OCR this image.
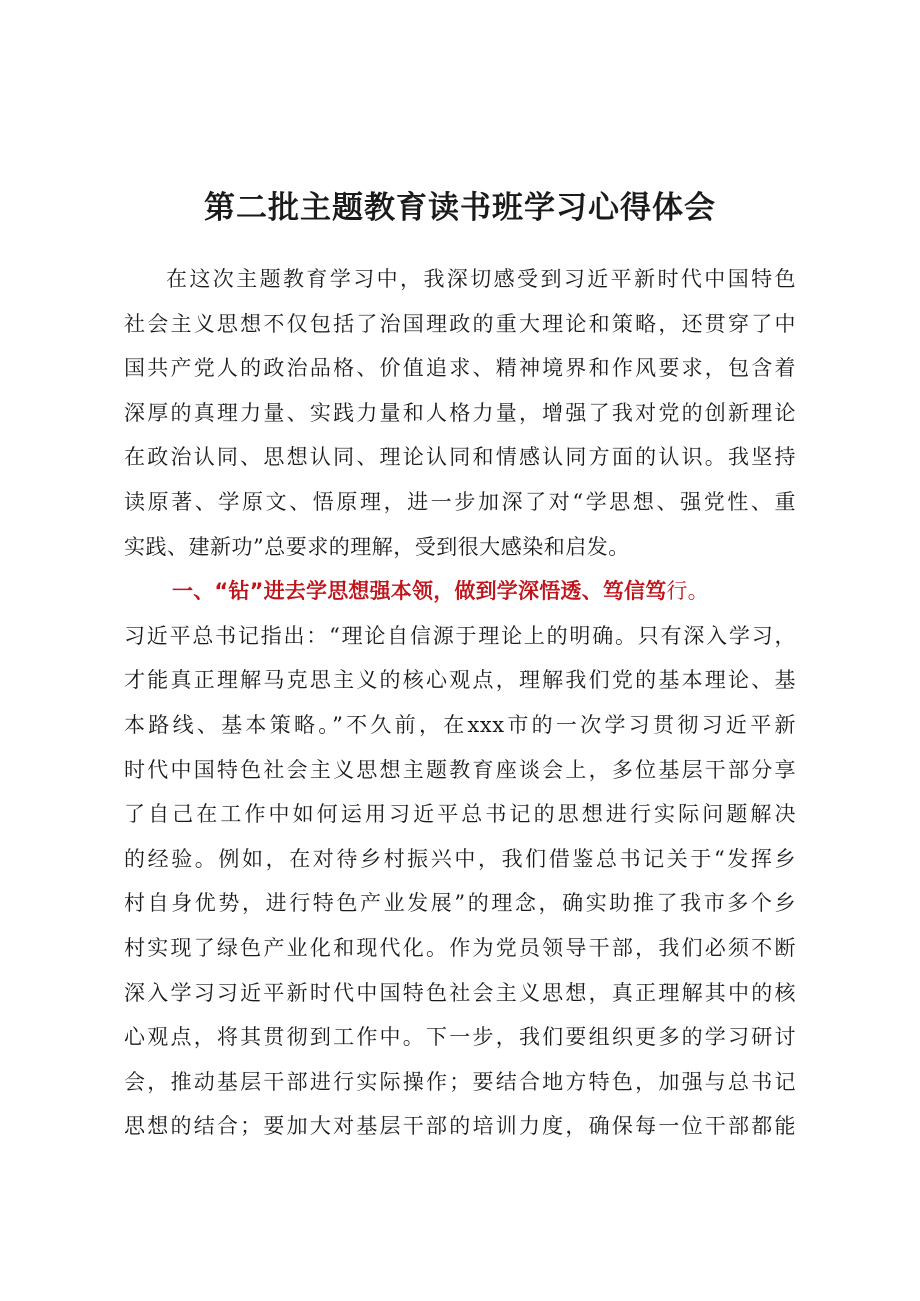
第二批主题教育读书班学习心得体会
在这次主题教育学习中，我深切感受到习近平新时代中国特色
社会主义思想不仅包括了治国理政的重大理论和策略，还贯穿了中
国共产党人的政治品格、价值追求、精神境界和作风要求，包含着
深厚的真理力量、实践力量和人格力量，增强了我对党的创新理论
在政治认同、思想认同、理论认同和情感认同方面的认识。我坚持
读原著、学原文、悟原理，进一步加深了对“学思想、强党性、重
实践、建新功”总要求的理解，受到很大感染和启发。
一、“钻”进去学思想强本领，做到学深悟透、笃信笃行。
习近平总书记指出：“理论自信源于理论上的明确。只有深入学习，
才能真正理解马克思主义的核心观点，理解我们党的基本理论、基
本路线、基本策略。”不久前，在xxx市的一次学习贯彻习近平新
时代中国特色社会主义思想主题教育座谈会上，多位基层干部分享
了自己在工作中如何运用习近平总书记的思想进行实际问题解决
的经验。例如，在对待乡村振兴中，我们借鉴总书记关于“发挥乡
村自身优势，进行特色产业发展”的理念，确实助推了我市多个乡
村实现了绿色产业化和现代化。作为党员领导干部，我们必须不断
深入学习习近平新时代中国特色社会主义思想，真正理解其中的核
心观点，将其贯彻到工作中。下一步，我们要组织更多的学习研讨
会，推动基层干部进行实际操作；要结合地方特色，加强与总书记
思想的结合；要加大对基层干部的培训力度，确保每一位干部都能
